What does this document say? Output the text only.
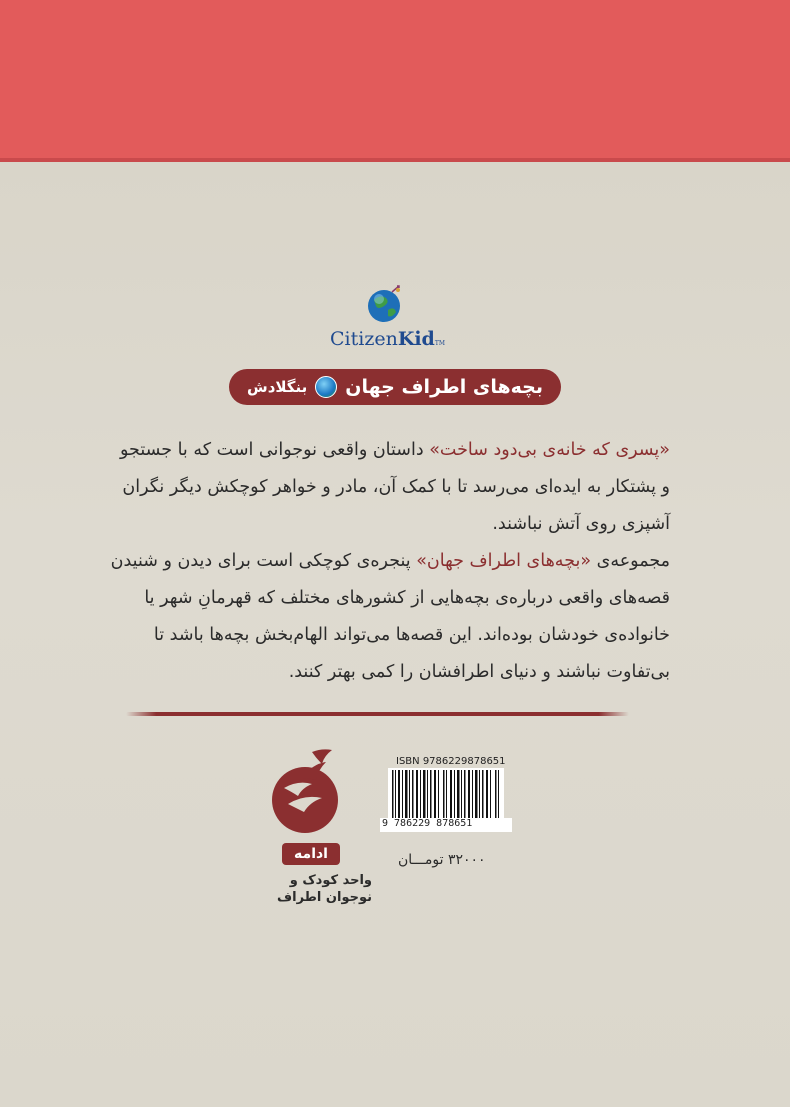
CitizenKidTM
بچه‌های اطراف جهان
بنگلادش

«پسری که خانه‌ی بی‌دود ساخت» داستان واقعی نوجوانی است که با جستجو و پشتکار به ایده‌ای می‌رسد تا با کمک آن، مادر و خواهر کوچکش دیگر نگران آشپزی روی آتش نباشند.

مجموعه‌ی «بچه‌های اطراف جهان» پنجره‌ی کوچکی است برای دیدن و شنیدن قصه‌های واقعی درباره‌ی بچه‌هایی از کشورهای مختلف که قهرمانِ شهر یا خانواده‌ی خودشان بوده‌اند. این قصه‌ها می‌تواند الهام‌بخش بچه‌ها باشد تا بی‌تفاوت نباشند و دنیای اطرافشان را کمی بهتر کنند.

ادامه
واحد کودک و
نوجوان اطراف
ISBN 9786229878651
9 786229 878651
۳۲۰۰۰ تومـــان
